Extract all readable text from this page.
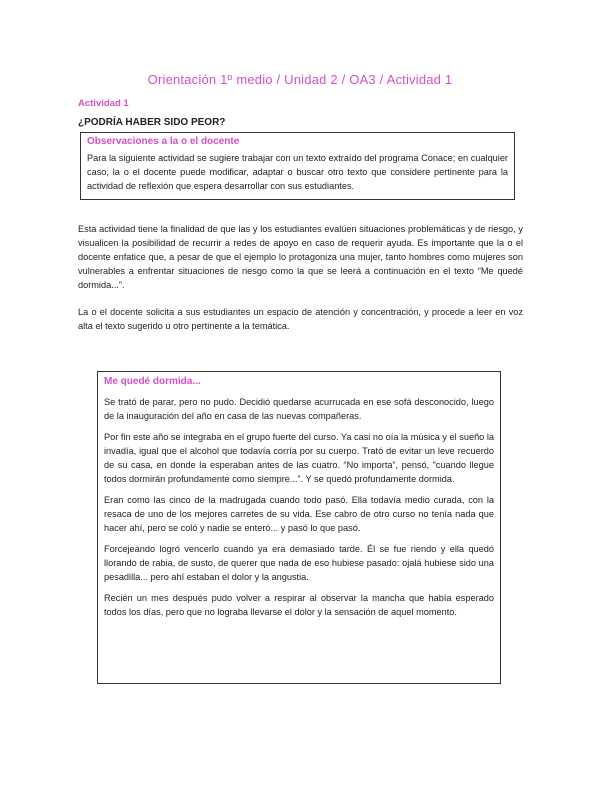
Orientación 1º medio / Unidad 2 / OA3 / Actividad 1
Actividad 1
¿PODRÍA HABER SIDO PEOR?
Observaciones a la o el docente
Para la siguiente actividad se sugiere trabajar con un texto extraído del programa Conace; en cualquier caso, la o el docente puede modificar, adaptar o buscar otro texto que considere pertinente para la actividad de reflexión que espera desarrollar con sus estudiantes.

Esta actividad tiene la finalidad de que las y los estudiantes evalúen situaciones problemáticas y de riesgo, y visualicen la posibilidad de recurrir a redes de apoyo en caso de requerir ayuda. Es importante que la o el docente enfatice que, a pesar de que el ejemplo lo protagoniza una mujer, tanto hombres como mujeres son vulnerables a enfrentar situaciones de riesgo como la que se leerá a continuación en el texto “Me quedé dormida...”.

La o el docente solicita a sus estudiantes un espacio de atención y concentración, y procede a leer en voz alta el texto sugerido u otro pertinente a la temática.

Me quedé dormida...

Se trató de parar, pero no pudo. Decidió quedarse acurrucada en ese sofá desconocido, luego de la inauguración del año en casa de las nuevas compañeras.

Por fin este año se integraba en el grupo fuerte del curso. Ya casi no oía la música y el sueño la invadía, igual que el alcohol que todavía corría por su cuerpo. Trató de evitar un leve recuerdo de su casa, en donde la esperaban antes de las cuatro. “No importa”, pensó, “cuando llegue todos dormirán profundamente como siempre...”. Y se quedó profundamente dormida.

Eran como las cinco de la madrugada cuando todo pasó. Ella todavía medio curada, con la resaca de uno de los mejores carretes de su vida. Ese cabro de otro curso no tenía nada que hacer ahí, pero se coló y nadie se enteró... y pasó lo que pasó.

Forcejeando logró vencerlo cuando ya era demasiado tarde. Él se fue riendo y ella quedó llorando de rabia, de susto, de querer que nada de eso hubiese pasado: ojalá hubiese sido una pesadilla... pero ahí estaban el dolor y la angustia.

Recién un mes después pudo volver a respirar al observar la mancha que había esperado todos los días, pero que no lograba llevarse el dolor y la sensación de aquel momento.
